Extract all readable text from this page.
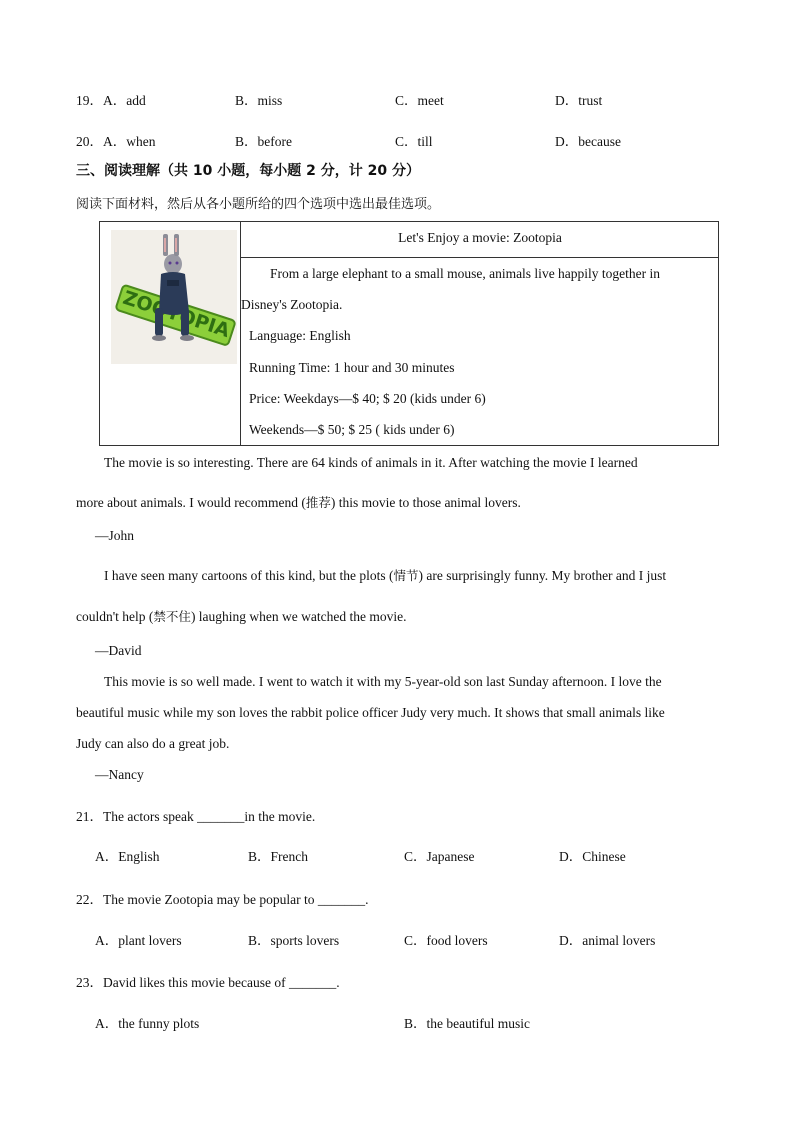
19．A．add	B．miss	C．meet	D．trust
20．A．when	B．before	C．till	D．because
三、阅读理解（共 10 小题，每小题 2 分，计 20 分）
阅读下面材料，然后从各小题所给的四个选项中选出最佳选项。
Let's Enjoy a movie: Zootopia
From a large elephant to a small mouse, animals live happily together in
Disney's Zootopia.
Language: English
Running Time: 1 hour and 30 minutes
Price: Weekdays—$ 40; $ 20 (kids under 6)
Weekends—$ 50; $ 25 ( kids under 6)
The movie is so interesting. There are 64 kinds of animals in it. After watching the movie I learned
more about animals. I would recommend (推荐) this movie to those animal lovers.
—John
I have seen many cartoons of this kind, but the plots (情节) are surprisingly funny. My brother and I just
couldn't help (禁不住) laughing when we watched the movie.
—David
This movie is so well made. I went to watch it with my 5-year-old son last Sunday afternoon. I love the
beautiful music while my son loves the rabbit police officer Judy very much. It shows that small animals like
Judy can also do a great job.
—Nancy
21．The actors speak _______in the movie.
A．English	B．French	C．Japanese	D．Chinese
22．The movie Zootopia may be popular to _______.
A．plant lovers	B．sports lovers	C．food lovers	D．animal lovers
23．David likes this movie because of _______.
A．the funny plots	B．the beautiful music
